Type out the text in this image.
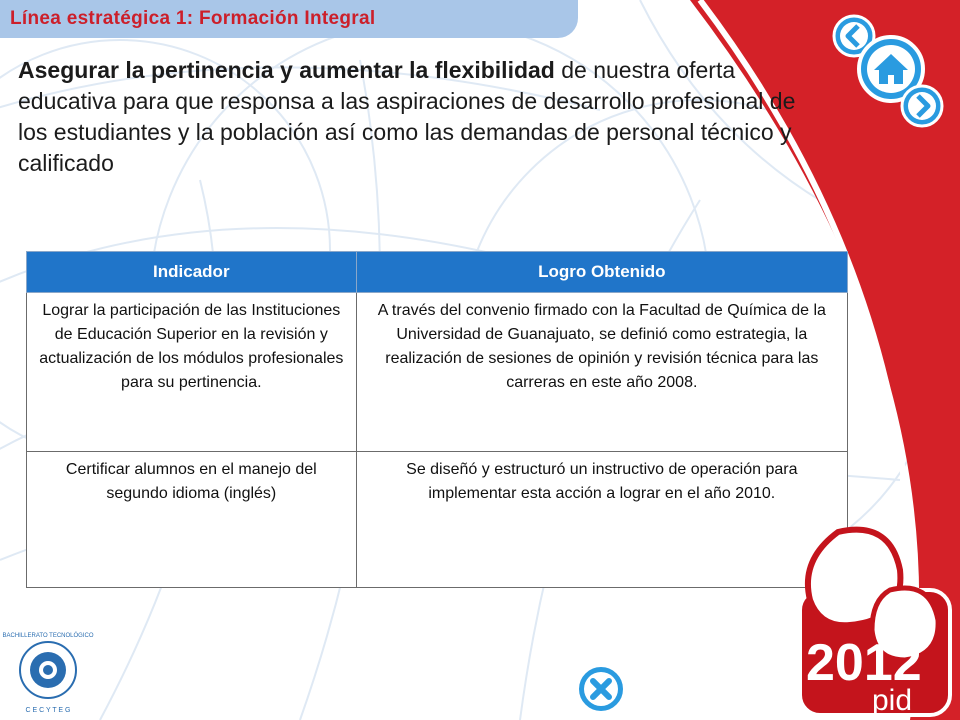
Línea estratégica 1: Formación Integral
Asegurar la pertinencia y aumentar la flexibilidad de nuestra oferta educativa para que responsa a las aspiraciones de desarrollo profesional de los estudiantes y la población así como las demandas de personal técnico y calificado
Indicador	Logro Obtenido
Lograr la participación de las Instituciones de Educación Superior en la revisión y actualización de los módulos profesionales para su pertinencia.	A través del convenio firmado con la Facultad de Química de la Universidad de Guanajuato, se definió como estrategia, la realización de sesiones de opinión y revisión técnica para las carreras en este año 2008.
Certificar alumnos en el manejo del segundo idioma (inglés)	Se diseñó y estructuró un instructivo de operación para implementar esta acción a lograr en el año 2010.
2012
pid
BACHILLERATO TECNOLÓGICO
C E C Y T E G
